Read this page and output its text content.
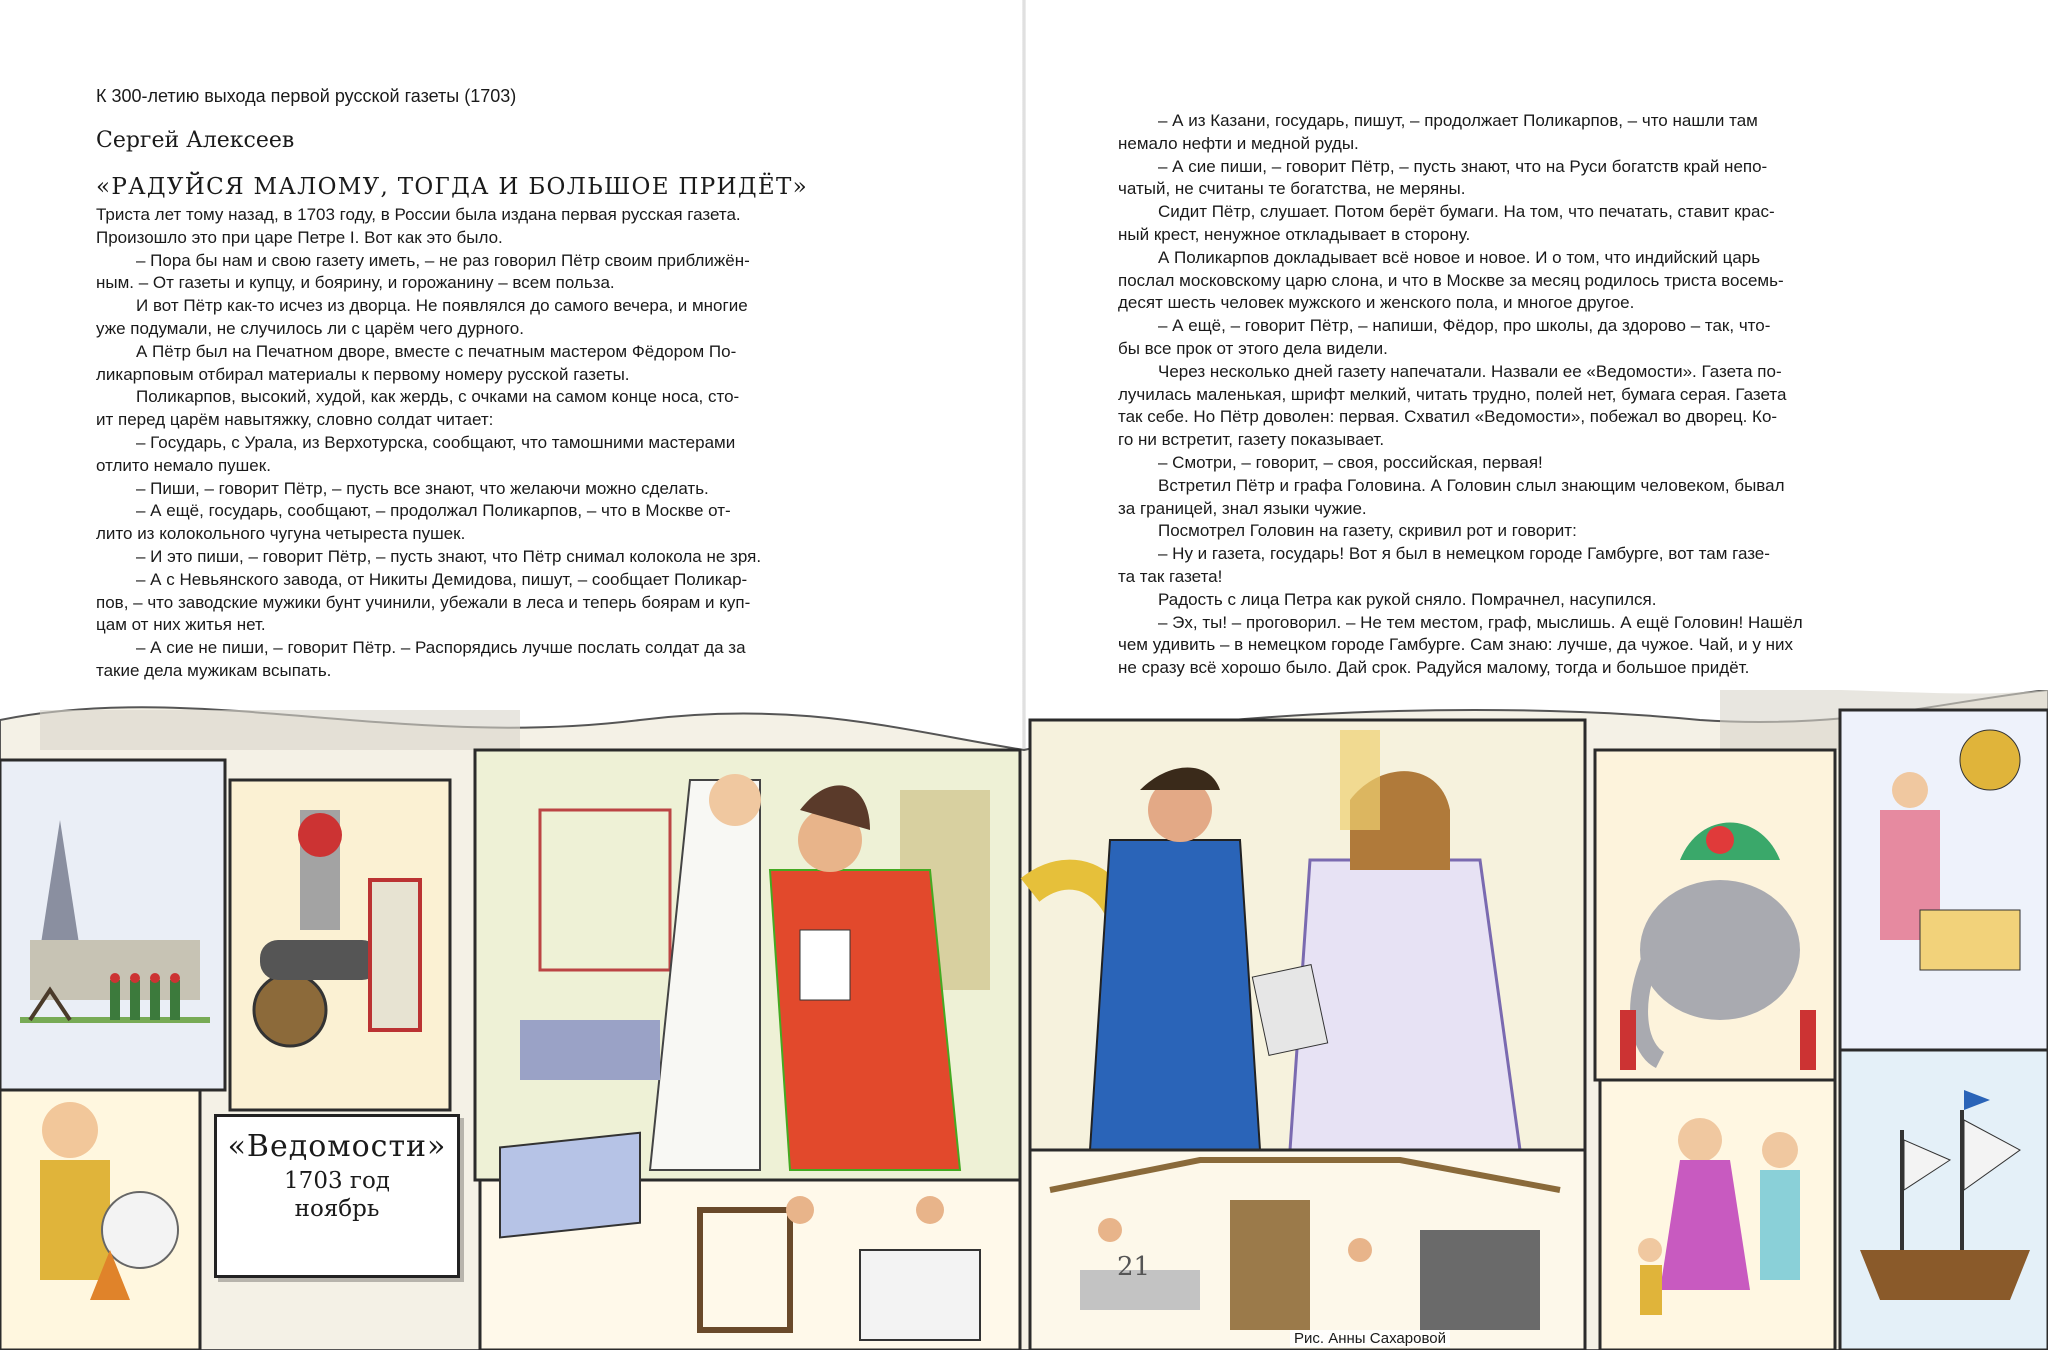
К 300-летию выхода первой русской газеты (1703)
Сергей Алексеев
«РАДУЙСЯ МАЛОМУ, ТОГДА И БОЛЬШОЕ ПРИДЁТ»

Триста лет тому назад, в 1703 году, в России была издана первая русская газета.

Произошло это при царе Петре I. Вот как это было.

– Пора бы нам и свою газету иметь, – не раз говорил Пётр своим приближён-

ным. – От газеты и купцу, и боярину, и горожанину – всем польза.

И вот Пётр как-то исчез из дворца. Не появлялся до самого вечера, и многие

уже подумали, не случилось ли с царём чего дурного.

А Пётр был на Печатном дворе, вместе с печатным мастером Фёдором По-

ликарповым отбирал материалы к первому номеру русской газеты.

Поликарпов, высокий, худой, как жердь, с очками на самом конце носа, сто-

ит перед царём навытяжку, словно солдат читает:

– Государь, с Урала, из Верхотурска, сообщают, что тамошними мастерами

отлито немало пушек.

– Пиши, – говорит Пётр, – пусть все знают, что желаючи можно сделать.

– А ещё, государь, сообщают, – продолжал Поликарпов, – что в Москве от-

лито из колокольного чугуна четыреста пушек.

– И это пиши, – говорит Пётр, – пусть знают, что Пётр снимал колокола не зря.

– А с Невьянского завода, от Никиты Демидова, пишут, – сообщает Поликар-

пов, – что заводские мужики бунт учинили, убежали в леса и теперь боярам и куп-

цам от них житья нет.

– А сие не пиши, – говорит Пётр. – Распорядись лучше послать солдат да за

такие дела мужикам всыпать.

– А из Казани, государь, пишут, – продолжает Поликарпов, – что нашли там

немало нефти и медной руды.

– А сие пиши, – говорит Пётр, – пусть знают, что на Руси богатств край непо-

чатый, не считаны те богатства, не меряны.

Сидит Пётр, слушает. Потом берёт бумаги. На том, что печатать, ставит крас-

ный крест, ненужное откладывает в сторону.

А Поликарпов докладывает всё новое и новое. И о том, что индийский царь

послал московскому царю слона, и что в Москве за месяц родилось триста восемь-

десят шесть человек мужского и женского пола, и многое другое.

– А ещё, – говорит Пётр, – напиши, Фёдор, про школы, да здорово – так, что-

бы все прок от этого дела видели.

Через несколько дней газету напечатали. Назвали ее «Ведомости». Газета по-

лучилась маленькая, шрифт мелкий, читать трудно, полей нет, бумага серая. Газета

так себе. Но Пётр доволен: первая. Схватил «Ведомости», побежал во дворец. Ко-

го ни встретит, газету показывает.

– Смотри, – говорит, – своя, российская, первая!

Встретил Пётр и графа Головина. А Головин слыл знающим человеком, бывал

за границей, знал языки чужие.

Посмотрел Головин на газету, скривил рот и говорит:

– Ну и газета, государь! Вот я был в немецком городе Гамбурге, вот там газе-

та так газета!

Радость с лица Петра как рукой сняло. Помрачнел, насупился.

– Эх, ты! – проговорил. – Не тем местом, граф, мыслишь. А ещё Головин! Нашёл

чем удивить – в немецком городе Гамбурге. Сам знаю: лучше, да чужое. Чай, и у них

не сразу всё хорошо было. Дай срок. Радуйся малому, тогда и большое придёт.

«Ведомости»
1703 год
ноябрь
21
Рис. Анны Сахаровой
